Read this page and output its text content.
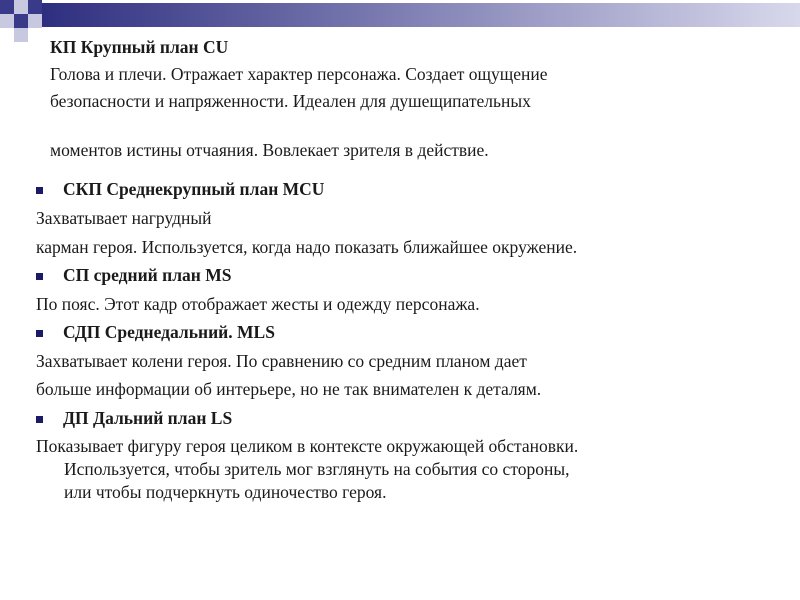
КП Крупный план CU
Голова и плечи. Отражает характер персонажа. Создает ощущение
безопасности и напряженности. Идеален для душещипательных
моментов истины отчаяния. Вовлекает зрителя в действие.
СКП Среднекрупный план MCU
Захватывает нагрудный
карман героя. Используется, когда надо показать ближайшее окружение.
СП средний план MS
По пояс. Этот кадр отображает жесты и одежду персонажа.
СДП Среднедальний. MLS
Захватывает колени героя. По сравнению со средним планом дает
больше информации об интерьере, но не так внимателен к деталям.
ДП Дальний план LS
Показывает фигуру героя целиком в контексте окружающей обстановки.
Используется, чтобы зритель мог взглянуть на события со стороны,
или чтобы подчеркнуть одиночество героя.
